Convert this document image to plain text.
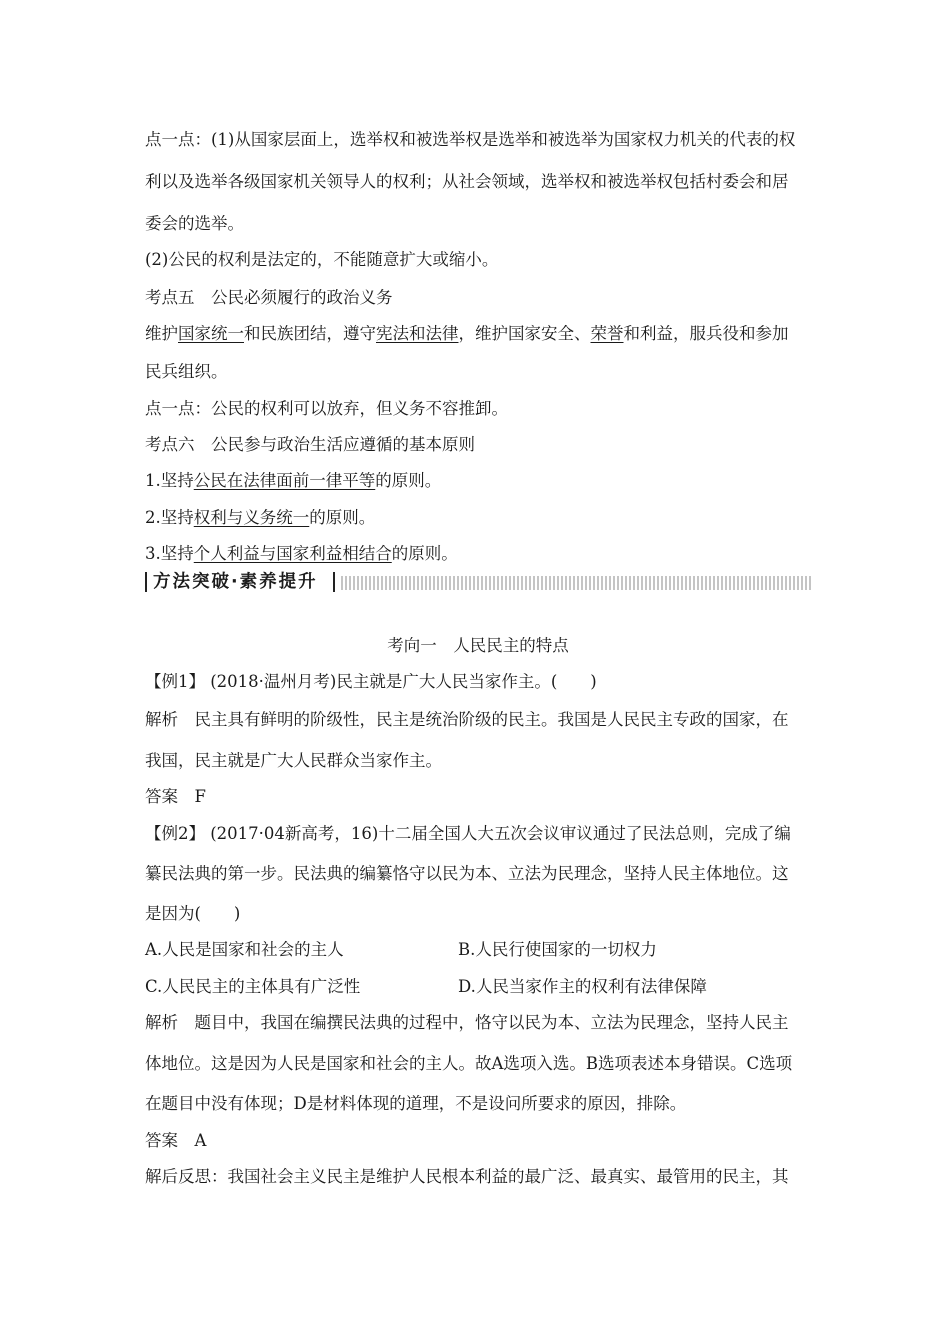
点一点：(1)从国家层面上，选举权和被选举权是选举和被选举为国家权力机关的代表的权
利以及选举各级国家机关领导人的权利；从社会领域，选举权和被选举权包括村委会和居
委会的选举。
(2)公民的权利是法定的，不能随意扩大或缩小。
考点五　公民必须履行的政治义务
维护国家统一和民族团结，遵守宪法和法律，维护国家安全、荣誉和利益，服兵役和参加
民兵组织。
点一点：公民的权利可以放弃，但义务不容推卸。
考点六　公民参与政治生活应遵循的基本原则
1.坚持公民在法律面前一律平等的原则。
2.坚持权利与义务统一的原则。
3.坚持个人利益与国家利益相结合的原则。
方法突破·素养提升
考向一　人民民主的特点
【例1】 (2018·温州月考)民主就是广大人民当家作主。(　　)
解析　民主具有鲜明的阶级性，民主是统治阶级的民主。我国是人民民主专政的国家，在
我国，民主就是广大人民群众当家作主。
答案　F
【例2】 (2017·04新高考，16)十二届全国人大五次会议审议通过了民法总则，完成了编
纂民法典的第一步。民法典的编纂恪守以民为本、立法为民理念，坚持人民主体地位。这
是因为(　　)
A.人民是国家和社会的主人	B.人民行使国家的一切权力
C.人民民主的主体具有广泛性	D.人民当家作主的权利有法律保障
解析　题目中，我国在编撰民法典的过程中，恪守以民为本、立法为民理念，坚持人民主
体地位。这是因为人民是国家和社会的主人。故A选项入选。B选项表述本身错误。C选项
在题目中没有体现；D是材料体现的道理，不是设问所要求的原因，排除。
答案　A
解后反思：我国社会主义民主是维护人民根本利益的最广泛、最真实、最管用的民主，其
